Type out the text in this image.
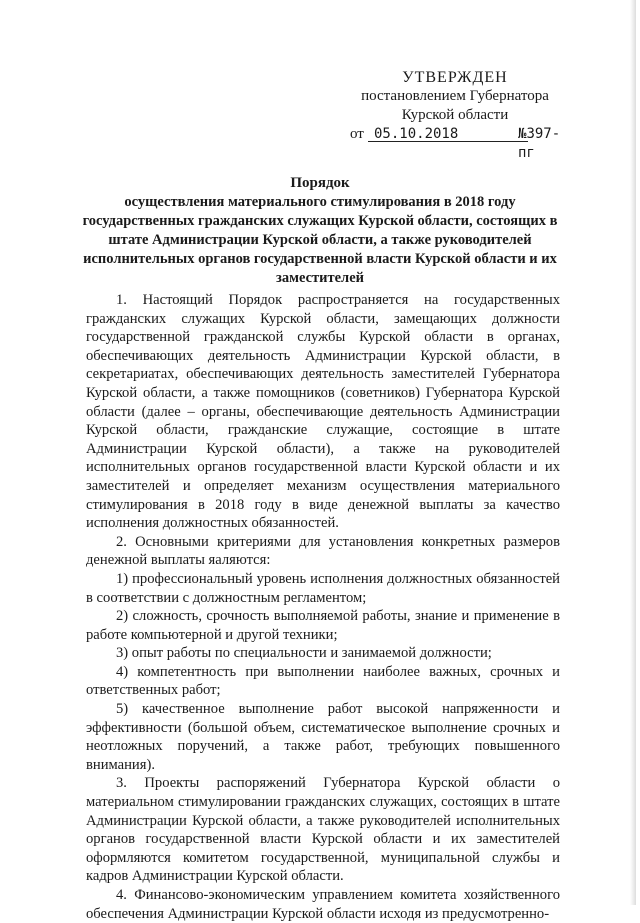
УТВЕРЖДЕН
постановлением Губернатора
Курской области
от 05.10.2018	№397-пг
Порядок
осуществления материального стимулирования в 2018 году государственных гражданских служащих Курской области, состоящих в штате Администрации Курской области, а также руководителей исполнительных органов государственной власти Курской области и их заместителей

1. Настоящий Порядок распространяется на государственных гражданских служащих Курской области, замещающих должности государственной гражданской службы Курской области в органах, обеспечивающих деятельность Администрации Курской области, в секретариатах, обеспечивающих деятельность заместителей Губернатора Курской области, а также помощников (советников) Губернатора Курской области (далее – органы, обеспечивающие деятельность Администрации Курской области, гражданские служащие, состоящие в штате Администрации Курской области), а также на руководителей исполнительных органов государственной власти Курской области и их заместителей и определяет механизм осуществления материального стимулирования в 2018 году в виде денежной выплаты за качество исполнения должностных обязанностей.

2. Основными критериями для установления конкретных размеров денежной выплаты яаляются:

1) профессиональный уровень исполнения должностных обязанностей в соответствии с должностным регламентом;

2) сложность, срочность выполняемой работы, знание и применение в работе компьютерной и другой техники;

3) опыт работы по специальности и занимаемой должности;

4) компетентность при выполнении наиболее важных, срочных и ответственных работ;

5) качественное выполнение работ высокой напряженности и эффективности (большой объем, систематическое выполнение срочных и неотложных поручений, а также работ, требующих повышенного внимания).

3. Проекты распоряжений Губернатора Курской области о материальном стимулировании гражданских служащих, состоящих в штате Администрации Курской области, а также руководителей исполнительных органов государственной власти Курской области и их заместителей оформляются комитетом государственной, муниципальной службы и кадров Администрации Курской области.

4. Финансово-экономическим управлением комитета хозяйственного обеспечения Администрации Курской области исходя из предусмотренно-
